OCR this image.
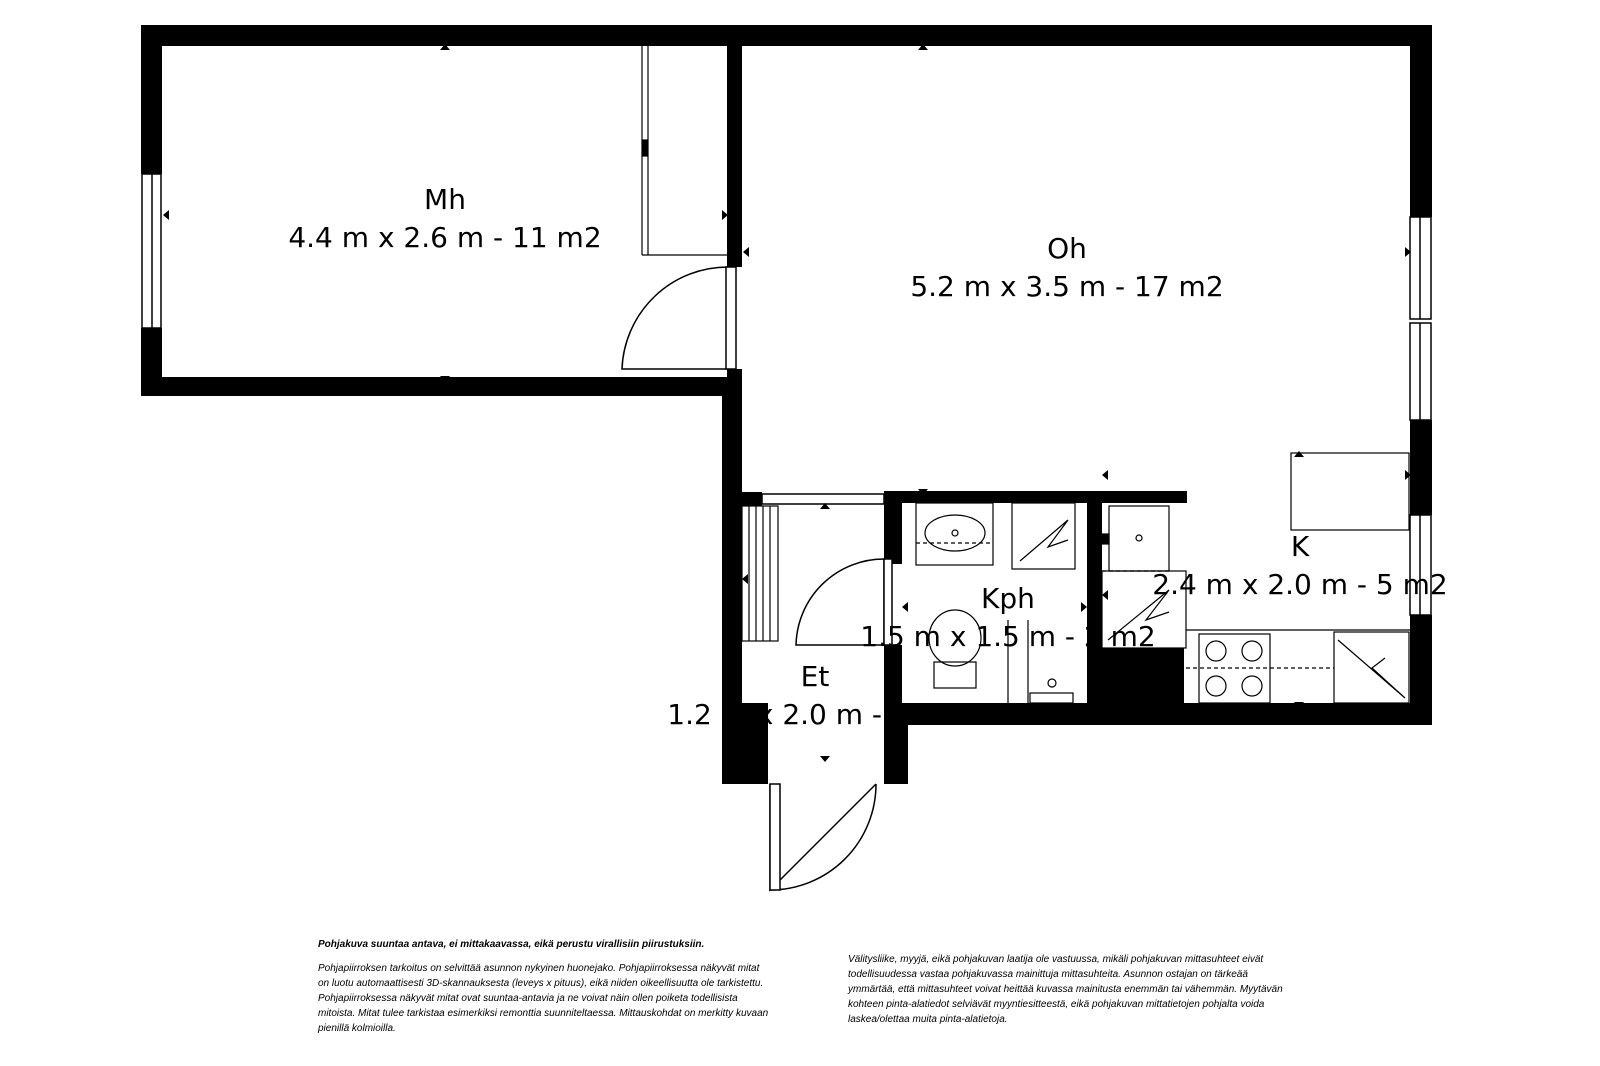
Mh
4.4 m x 2.6 m - 11 m2	Oh
5.2 m x 3.5 m - 17 m2
K
2.4 m x 2.0 m - 5 m2
Kph
1.5 m x 1.5 m - 2 m2
Et
1.2 m x 2.0 m - 2 m2

Pohjakuva suuntaa antava, ei mittakaavassa, eikä perustu virallisiin piirustuksiin.

Pohjapiirroksen tarkoitus on selvittää asunnon nykyinen huonejako. Pohjapiirroksessa näkyvät mitat on luotu automaattisesti 3D-skannauksesta (leveys x pituus), eikä niiden oikeellisuutta ole tarkistettu. Pohjapiirroksessa näkyvät mitat ovat suuntaa-antavia ja ne voivat näin ollen poiketa todellisista mitoista. Mitat tulee tarkistaa esimerkiksi remonttia suunniteltaessa. Mittauskohdat on merkitty kuvaan pienillä kolmioilla.

Välitysliike, myyjä, eikä pohjakuvan laatija ole vastuussa, mikäli pohjakuvan mittasuhteet eivät todellisuudessa vastaa pohjakuvassa mainittuja mittasuhteita. Asunnon ostajan on tärkeää ymmärtää, että mittasuhteet voivat heittää kuvassa mainitusta enemmän tai vähemmän. Myytävän kohteen pinta-alatiedot selviävät myyntiesitteestä, eikä pohjakuvan mittatietojen pohjalta voida laskea/olettaa muita pinta-alatietoja.
